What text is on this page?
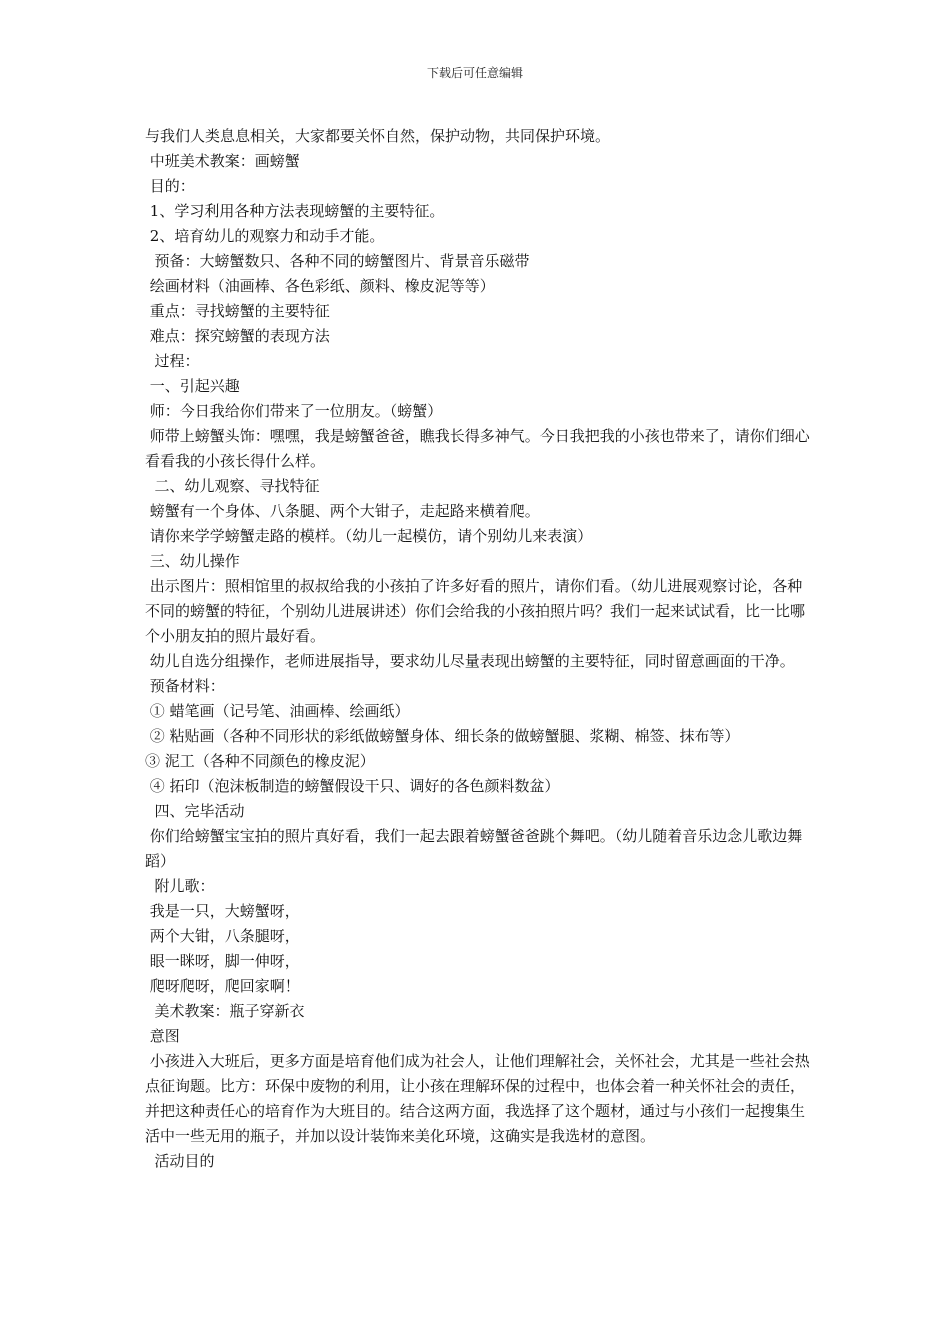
下载后可任意编辑

与我们人类息息相关，大家都要关怀自然，保护动物，共同保护环境。

中班美术教案：画螃蟹

目的：

1、学习利用各种方法表现螃蟹的主要特征。

2、培育幼儿的观察力和动手才能。

预备：大螃蟹数只、各种不同的螃蟹图片、背景音乐磁带

绘画材料（油画棒、各色彩纸、颜料、橡皮泥等等）

重点：寻找螃蟹的主要特征

难点：探究螃蟹的表现方法

过程：

一、引起兴趣

师：今日我给你们带来了一位朋友。（螃蟹）

师带上螃蟹头饰：嘿嘿，我是螃蟹爸爸，瞧我长得多神气。今日我把我的小孩也带来了，请你们细心看看我的小孩长得什么样。

二、幼儿观察、寻找特征

螃蟹有一个身体、八条腿、两个大钳子，走起路来横着爬。

请你来学学螃蟹走路的模样。（幼儿一起模仿，请个别幼儿来表演）

三、幼儿操作

出示图片：照相馆里的叔叔给我的小孩拍了许多好看的照片，请你们看。（幼儿进展观察讨论，各种不同的螃蟹的特征，个别幼儿进展讲述）你们会给我的小孩拍照片吗？我们一起来试试看，比一比哪个小朋友拍的照片最好看。

幼儿自选分组操作，老师进展指导，要求幼儿尽量表现出螃蟹的主要特征，同时留意画面的干净。

预备材料：

① 蜡笔画（记号笔、油画棒、绘画纸）

② 粘贴画（各种不同形状的彩纸做螃蟹身体、细长条的做螃蟹腿、浆糊、棉签、抹布等）

③ 泥工（各种不同颜色的橡皮泥）

④ 拓印（泡沫板制造的螃蟹假设干只、调好的各色颜料数盆）

四、完毕活动

你们给螃蟹宝宝拍的照片真好看，我们一起去跟着螃蟹爸爸跳个舞吧。（幼儿随着音乐边念儿歌边舞蹈）

附儿歌：

我是一只，大螃蟹呀，

两个大钳，八条腿呀，

眼一眯呀，脚一伸呀，

爬呀爬呀，爬回家啊！

美术教案：瓶子穿新衣

意图

小孩进入大班后，更多方面是培育他们成为社会人，让他们理解社会，关怀社会，尤其是一些社会热点征询题。比方：环保中废物的利用，让小孩在理解环保的过程中，也体会着一种关怀社会的责任，并把这种责任心的培育作为大班目的。结合这两方面，我选择了这个题材，通过与小孩们一起搜集生活中一些无用的瓶子，并加以设计装饰来美化环境，这确实是我选材的意图。

活动目的
